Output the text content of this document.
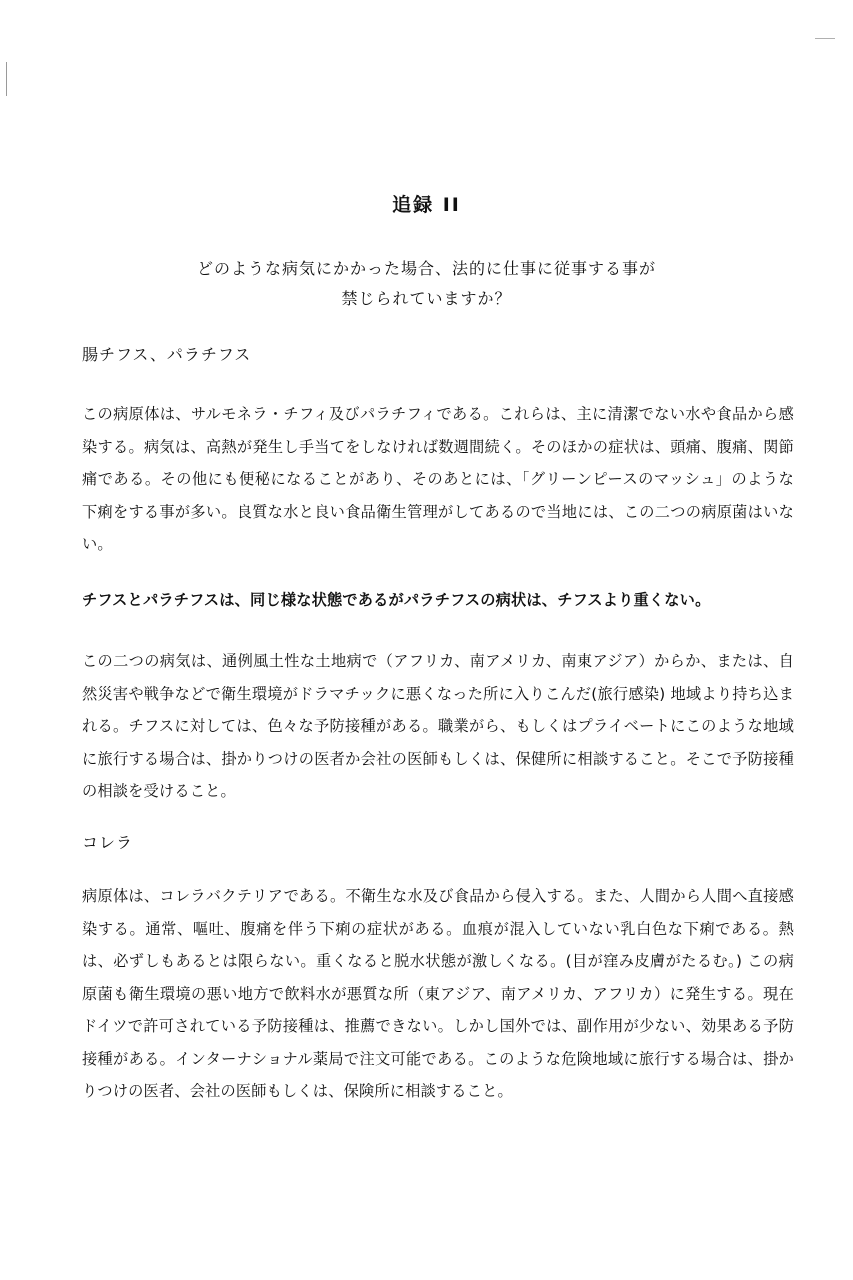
追録 II
どのような病気にかかった場合、法的に仕事に従事する事が
禁じられていますか？
腸チフス、パラチフス
この病原体は、サルモネラ・チフィ及びパラチフィである。これらは、主に清潔でない水や食品から感染する。病気は、高熱が発生し手当てをしなければ数週間続く。そのほかの症状は、頭痛、腹痛、関節痛である。その他にも便秘になることがあり、そのあとには、「グリーンピースのマッシュ」のような下痢をする事が多い。良質な水と良い食品衛生管理がしてあるので当地には、この二つの病原菌はいない。
チフスとパラチフスは、同じ様な状態であるがパラチフスの病状は、チフスより重くない。
この二つの病気は、通例風土性な土地病で（アフリカ、南アメリカ、南東アジア）からか、または、自然災害や戦争などで衛生環境がドラマチックに悪くなった所に入りこんだ(旅行感染) 地域より持ち込まれる。チフスに対しては、色々な予防接種がある。職業がら、もしくはプライベートにこのような地域に旅行する場合は、掛かりつけの医者か会社の医師もしくは、保健所に相談すること。そこで予防接種の相談を受けること。
コレラ
病原体は、コレラバクテリアである。不衛生な水及び食品から侵入する。また、人間から人間へ直接感染する。通常、嘔吐、腹痛を伴う下痢の症状がある。血痕が混入していない乳白色な下痢である。熱は、必ずしもあるとは限らない。重くなると脱水状態が激しくなる。(目が窪み皮膚がたるむ。) この病原菌も衛生環境の悪い地方で飲料水が悪質な所（東アジア、南アメリカ、アフリカ）に発生する。現在ドイツで許可されている予防接種は、推薦できない。しかし国外では、副作用が少ない、効果ある予防接種がある。インターナショナル薬局で注文可能である。このような危険地域に旅行する場合は、掛かりつけの医者、会社の医師もしくは、保険所に相談すること。
